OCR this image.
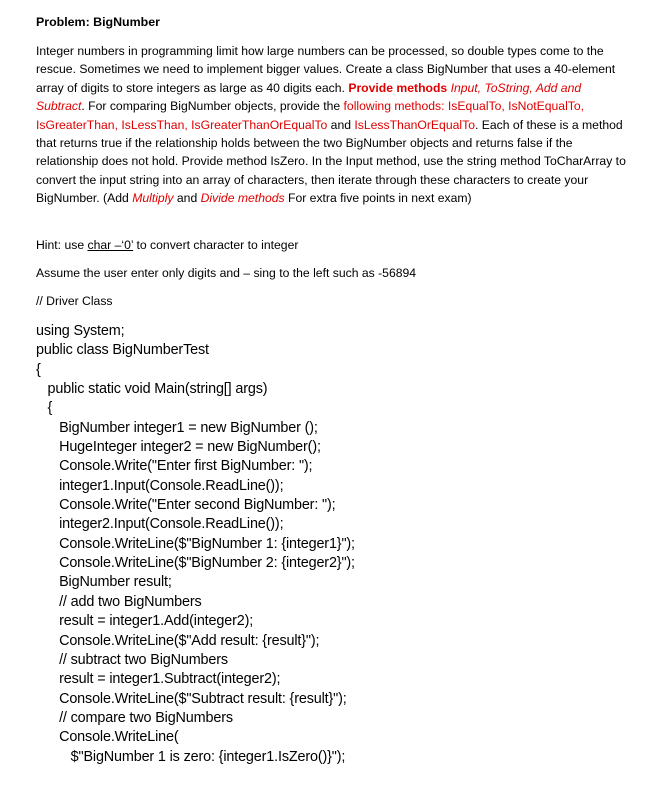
Problem: BigNumber

Integer numbers in programming limit how large numbers can be processed, so double types come to the rescue. Sometimes we need to implement bigger values. Create a class BigNumber that uses a 40-element array of digits to store integers as large as 40 digits each. Provide methods Input, ToString, Add and Subtract. For comparing BigNumber objects, provide the following methods: IsEqualTo, IsNotEqualTo, IsGreaterThan, IsLessThan, IsGreaterThanOrEqualTo and IsLessThanOrEqualTo. Each of these is a method that returns true if the relationship holds between the two BigNumber objects and returns false if the relationship does not hold. Provide method IsZero. In the Input method, use the string method ToCharArray to convert the input string into an array of characters, then iterate through these characters to create your BigNumber. (Add Multiply and Divide methods For extra five points in next exam)

Hint: use char –‘0’ to convert character to integer
Assume the user enter only digits and – sing to the left such as -56894
// Driver Class
using System;
public class BigNumberTest
{
public static void Main(string[] args)
{
BigNumber integer1 = new BigNumber ();
HugeInteger integer2 = new BigNumber();
Console.Write("Enter first BigNumber: ");
integer1.Input(Console.ReadLine());
Console.Write("Enter second BigNumber: ");
integer2.Input(Console.ReadLine());
Console.WriteLine($"BigNumber 1: {integer1}");
Console.WriteLine($"BigNumber 2: {integer2}");
BigNumber result;
// add two BigNumbers
result = integer1.Add(integer2);
Console.WriteLine($"Add result: {result}");
// subtract two BigNumbers
result = integer1.Subtract(integer2);
Console.WriteLine($"Subtract result: {result}");
// compare two BigNumbers
Console.WriteLine(
$"BigNumber 1 is zero: {integer1.IsZero()}");
